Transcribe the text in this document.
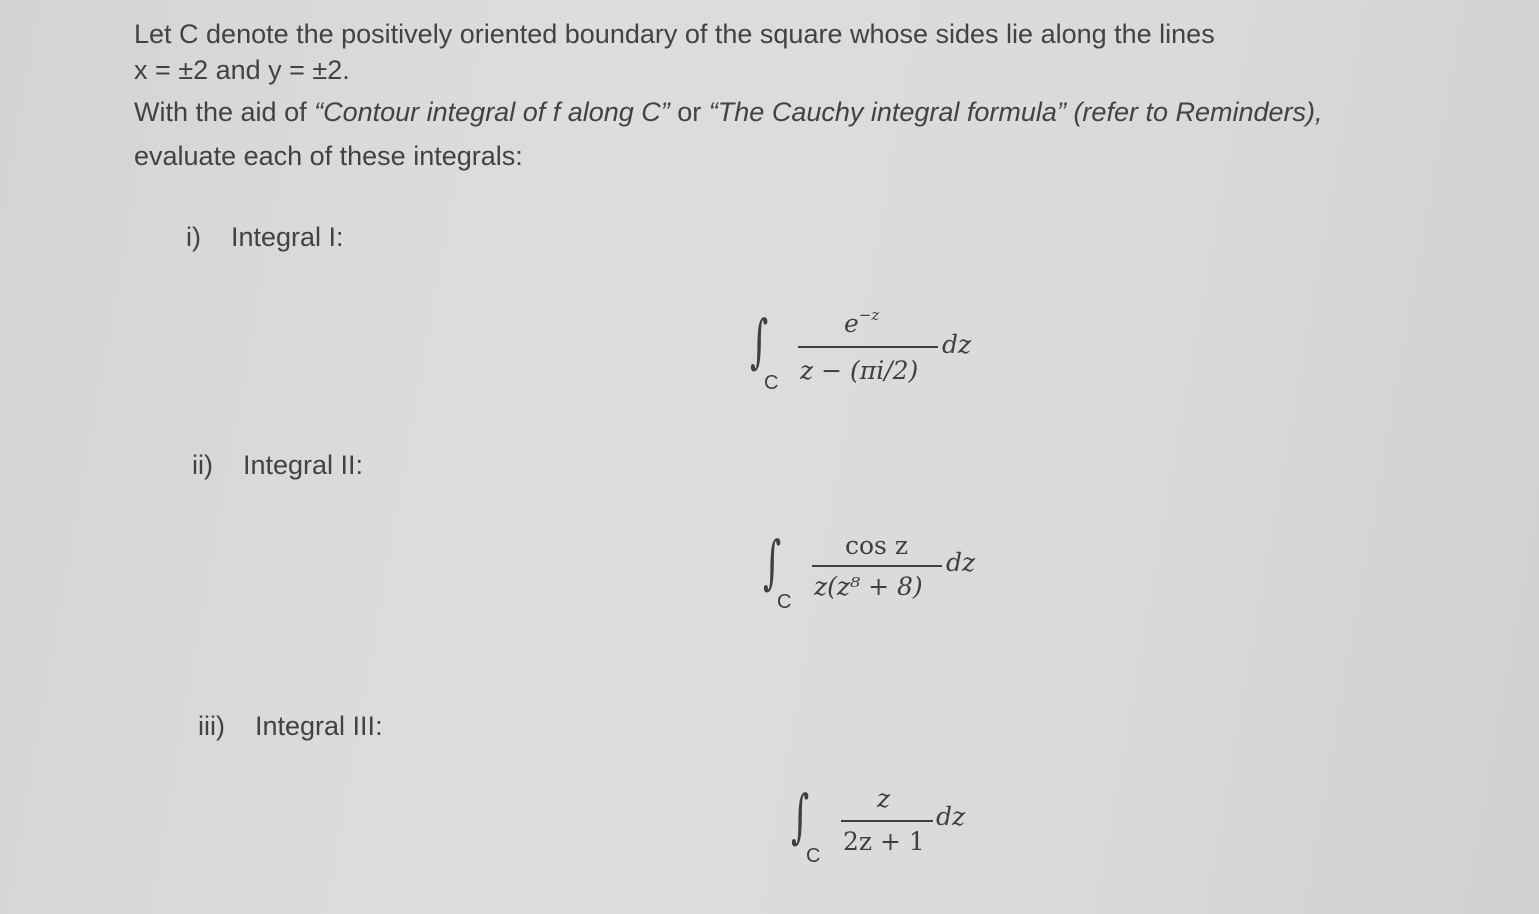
Let C denote the positively oriented boundary of the square whose sides lie along the lines
x = ±2 and y = ±2.
With the aid of “Contour integral of f along C” or “The Cauchy integral formula” (refer to Reminders),
evaluate each of these integrals:
i) Integral I:
∫
C
$e^{-z}$
z − (πi/2)
dz
ii) Integral II:
∫
C
cos z
z(z⁸ + 8)
dz
iii) Integral III:
∫
C
z
2z + 1
dz
